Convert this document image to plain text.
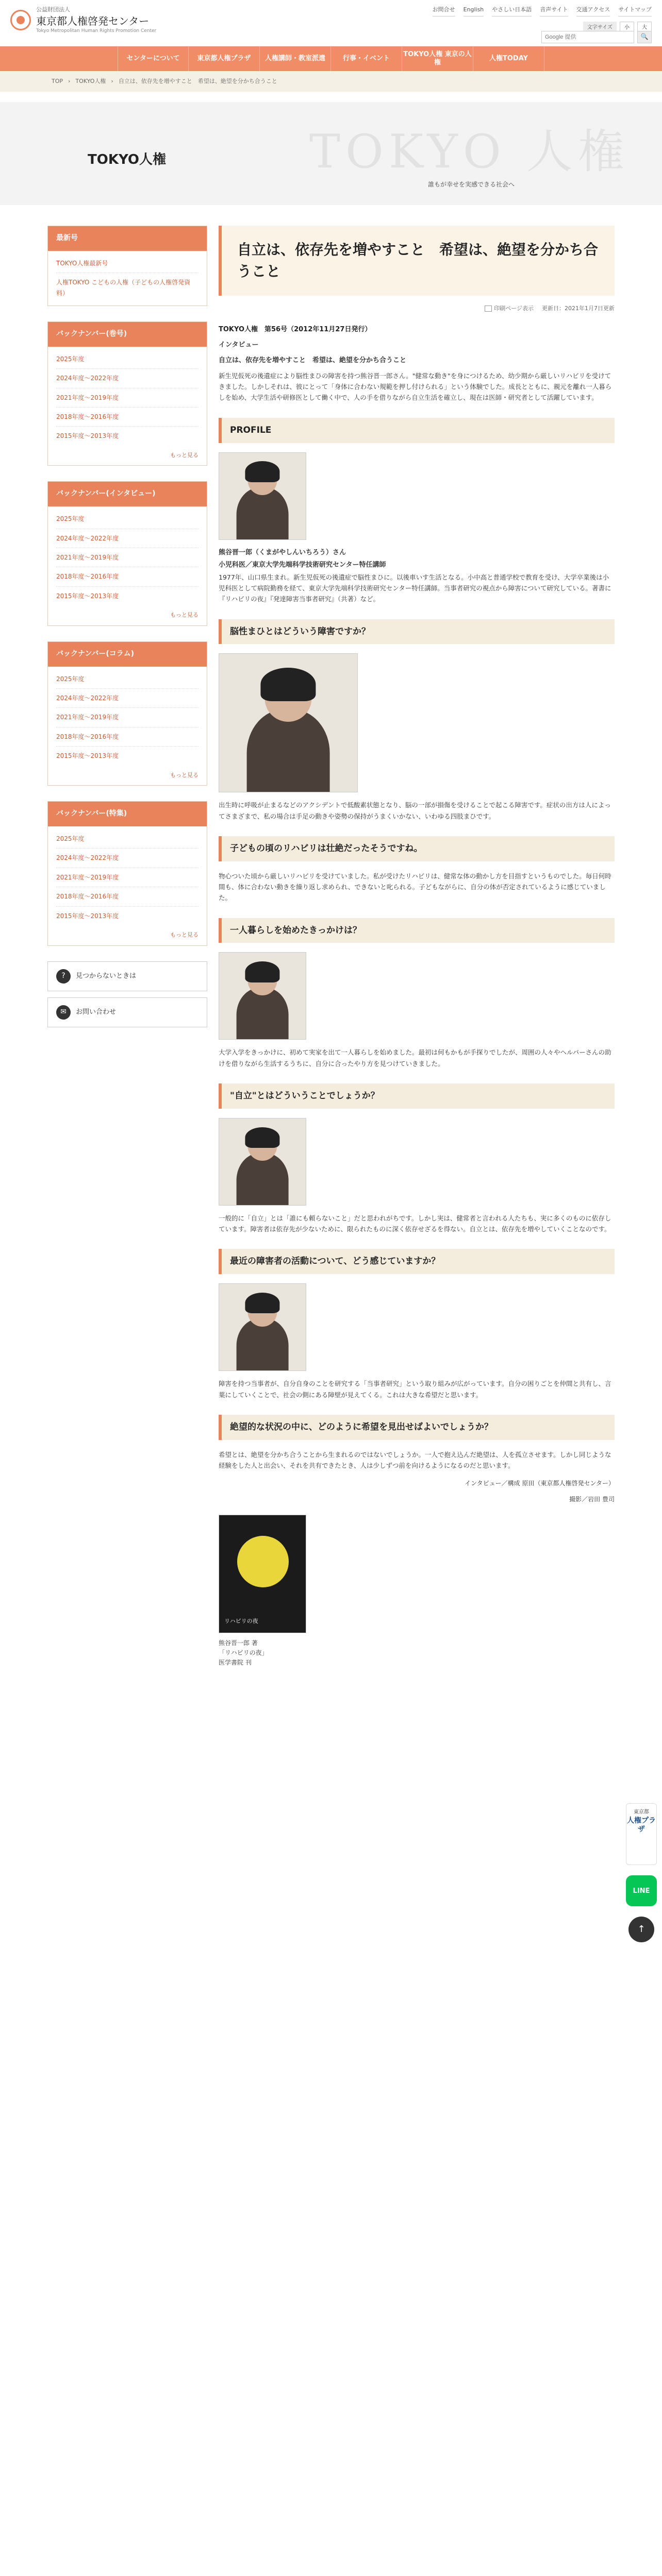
公益財団法人
東京都人権啓発センター
Tokyo Metropolitan Human Rights Promotion Center
お問合せ English やさしい日本語 音声サイト 交通アクセス サイトマップ
文字サイズ	小	大
Google 提供
🔍
センターについて	東京都人権プラザ	人権講師・教室派遣	行事・イベント
TOKYO人権 東京の人権
人権TODAY
TOP › TOKYO人権 › 自立は、依存先を増やすこと　希望は、絶望を分かち合うこと
TOKYO 人権
TOKYO人権
誰もが幸せを実感できる社会へ
最新号
TOKYO人権最新号
人権TOKYO こどもの人権（子どもの人権啓発資料）
バックナンバー(巻号)
2025年度
2024年度〜2022年度
2021年度〜2019年度
2018年度〜2016年度
2015年度〜2013年度
もっと見る
バックナンバー(インタビュー)
2025年度
2024年度〜2022年度
2021年度〜2019年度
2018年度〜2016年度
2015年度〜2013年度
もっと見る
バックナンバー(コラム)
2025年度
2024年度〜2022年度
2021年度〜2019年度
2018年度〜2016年度
2015年度〜2013年度
もっと見る
バックナンバー(特集)
2025年度
2024年度〜2022年度
2021年度〜2019年度
2018年度〜2016年度
2015年度〜2013年度
もっと見る
?	見つからないときは
✉	お問い合わせ
自立は、依存先を増やすこと　希望は、絶望を分かち合うこと
印刷ページ表示 更新日：2021年1月7日更新
TOKYO人権　第56号（2012年11月27日発行）
インタビュー
自立は、依存先を増やすこと　希望は、絶望を分かち合うこと

新生児仮死の後遺症により脳性まひの障害を持つ熊谷晋一郎さん。"健常な動き"を身につけるため、幼少期から厳しいリハビリを受けてきました。しかしそれは、彼にとって「身体に合わない規範を押し付けられる」という体験でした。成長とともに、親元を離れ一人暮らしを始め、大学生活や研修医として働く中で、人の手を借りながら自立生活を確立し、現在は医師・研究者として活躍しています。

PROFILE
熊谷晋一郎（くまがやしんいちろう）さん
小児科医／東京大学先端科学技術研究センター特任講師

1977年、山口県生まれ。新生児仮死の後遺症で脳性まひに。以後車いす生活となる。小中高と普通学校で教育を受け、大学卒業後は小児科医として病院勤務を経て、東京大学先端科学技術研究センター特任講師。当事者研究の視点から障害について研究している。著書に『リハビリの夜』『発達障害当事者研究』（共著）など。

脳性まひとはどういう障害ですか？

出生時に呼吸が止まるなどのアクシデントで低酸素状態となり、脳の一部が損傷を受けることで起こる障害です。症状の出方は人によってさまざまで、私の場合は手足の動きや姿勢の保持がうまくいかない、いわゆる四肢まひです。

子どもの頃のリハビリは壮絶だったそうですね。

物心ついた頃から厳しいリハビリを受けていました。私が受けたリハビリは、健常な体の動かし方を目指すというものでした。毎日何時間も、体に合わない動きを繰り返し求められ、できないと叱られる。子どもながらに、自分の体が否定されているように感じていました。

一人暮らしを始めたきっかけは？

大学入学をきっかけに、初めて実家を出て一人暮らしを始めました。最初は何もかもが手探りでしたが、周囲の人々やヘルパーさんの助けを借りながら生活するうちに、自分に合ったやり方を見つけていきました。

"自立"とはどういうことでしょうか？

一般的に「自立」とは「誰にも頼らないこと」だと思われがちです。しかし実は、健常者と言われる人たちも、実に多くのものに依存しています。障害者は依存先が少ないために、限られたものに深く依存せざるを得ない。自立とは、依存先を増やしていくことなのです。

最近の障害者の活動について、どう感じていますか？

障害を持つ当事者が、自分自身のことを研究する「当事者研究」という取り組みが広がっています。自分の困りごとを仲間と共有し、言葉にしていくことで、社会の側にある障壁が見えてくる。これは大きな希望だと思います。

絶望的な状況の中に、どのように希望を見出せばよいでしょうか？

希望とは、絶望を分かち合うことから生まれるのではないでしょうか。一人で抱え込んだ絶望は、人を孤立させます。しかし同じような経験をした人と出会い、それを共有できたとき、人は少しずつ前を向けるようになるのだと思います。

インタビュー／構成 原田（東京都人権啓発センター）
撮影／岩田 豊司
リハビリの夜
熊谷晋一郎 著
「リハビリの夜」
医学書院 刊
東京都
人権プラザ
LINE
↑
